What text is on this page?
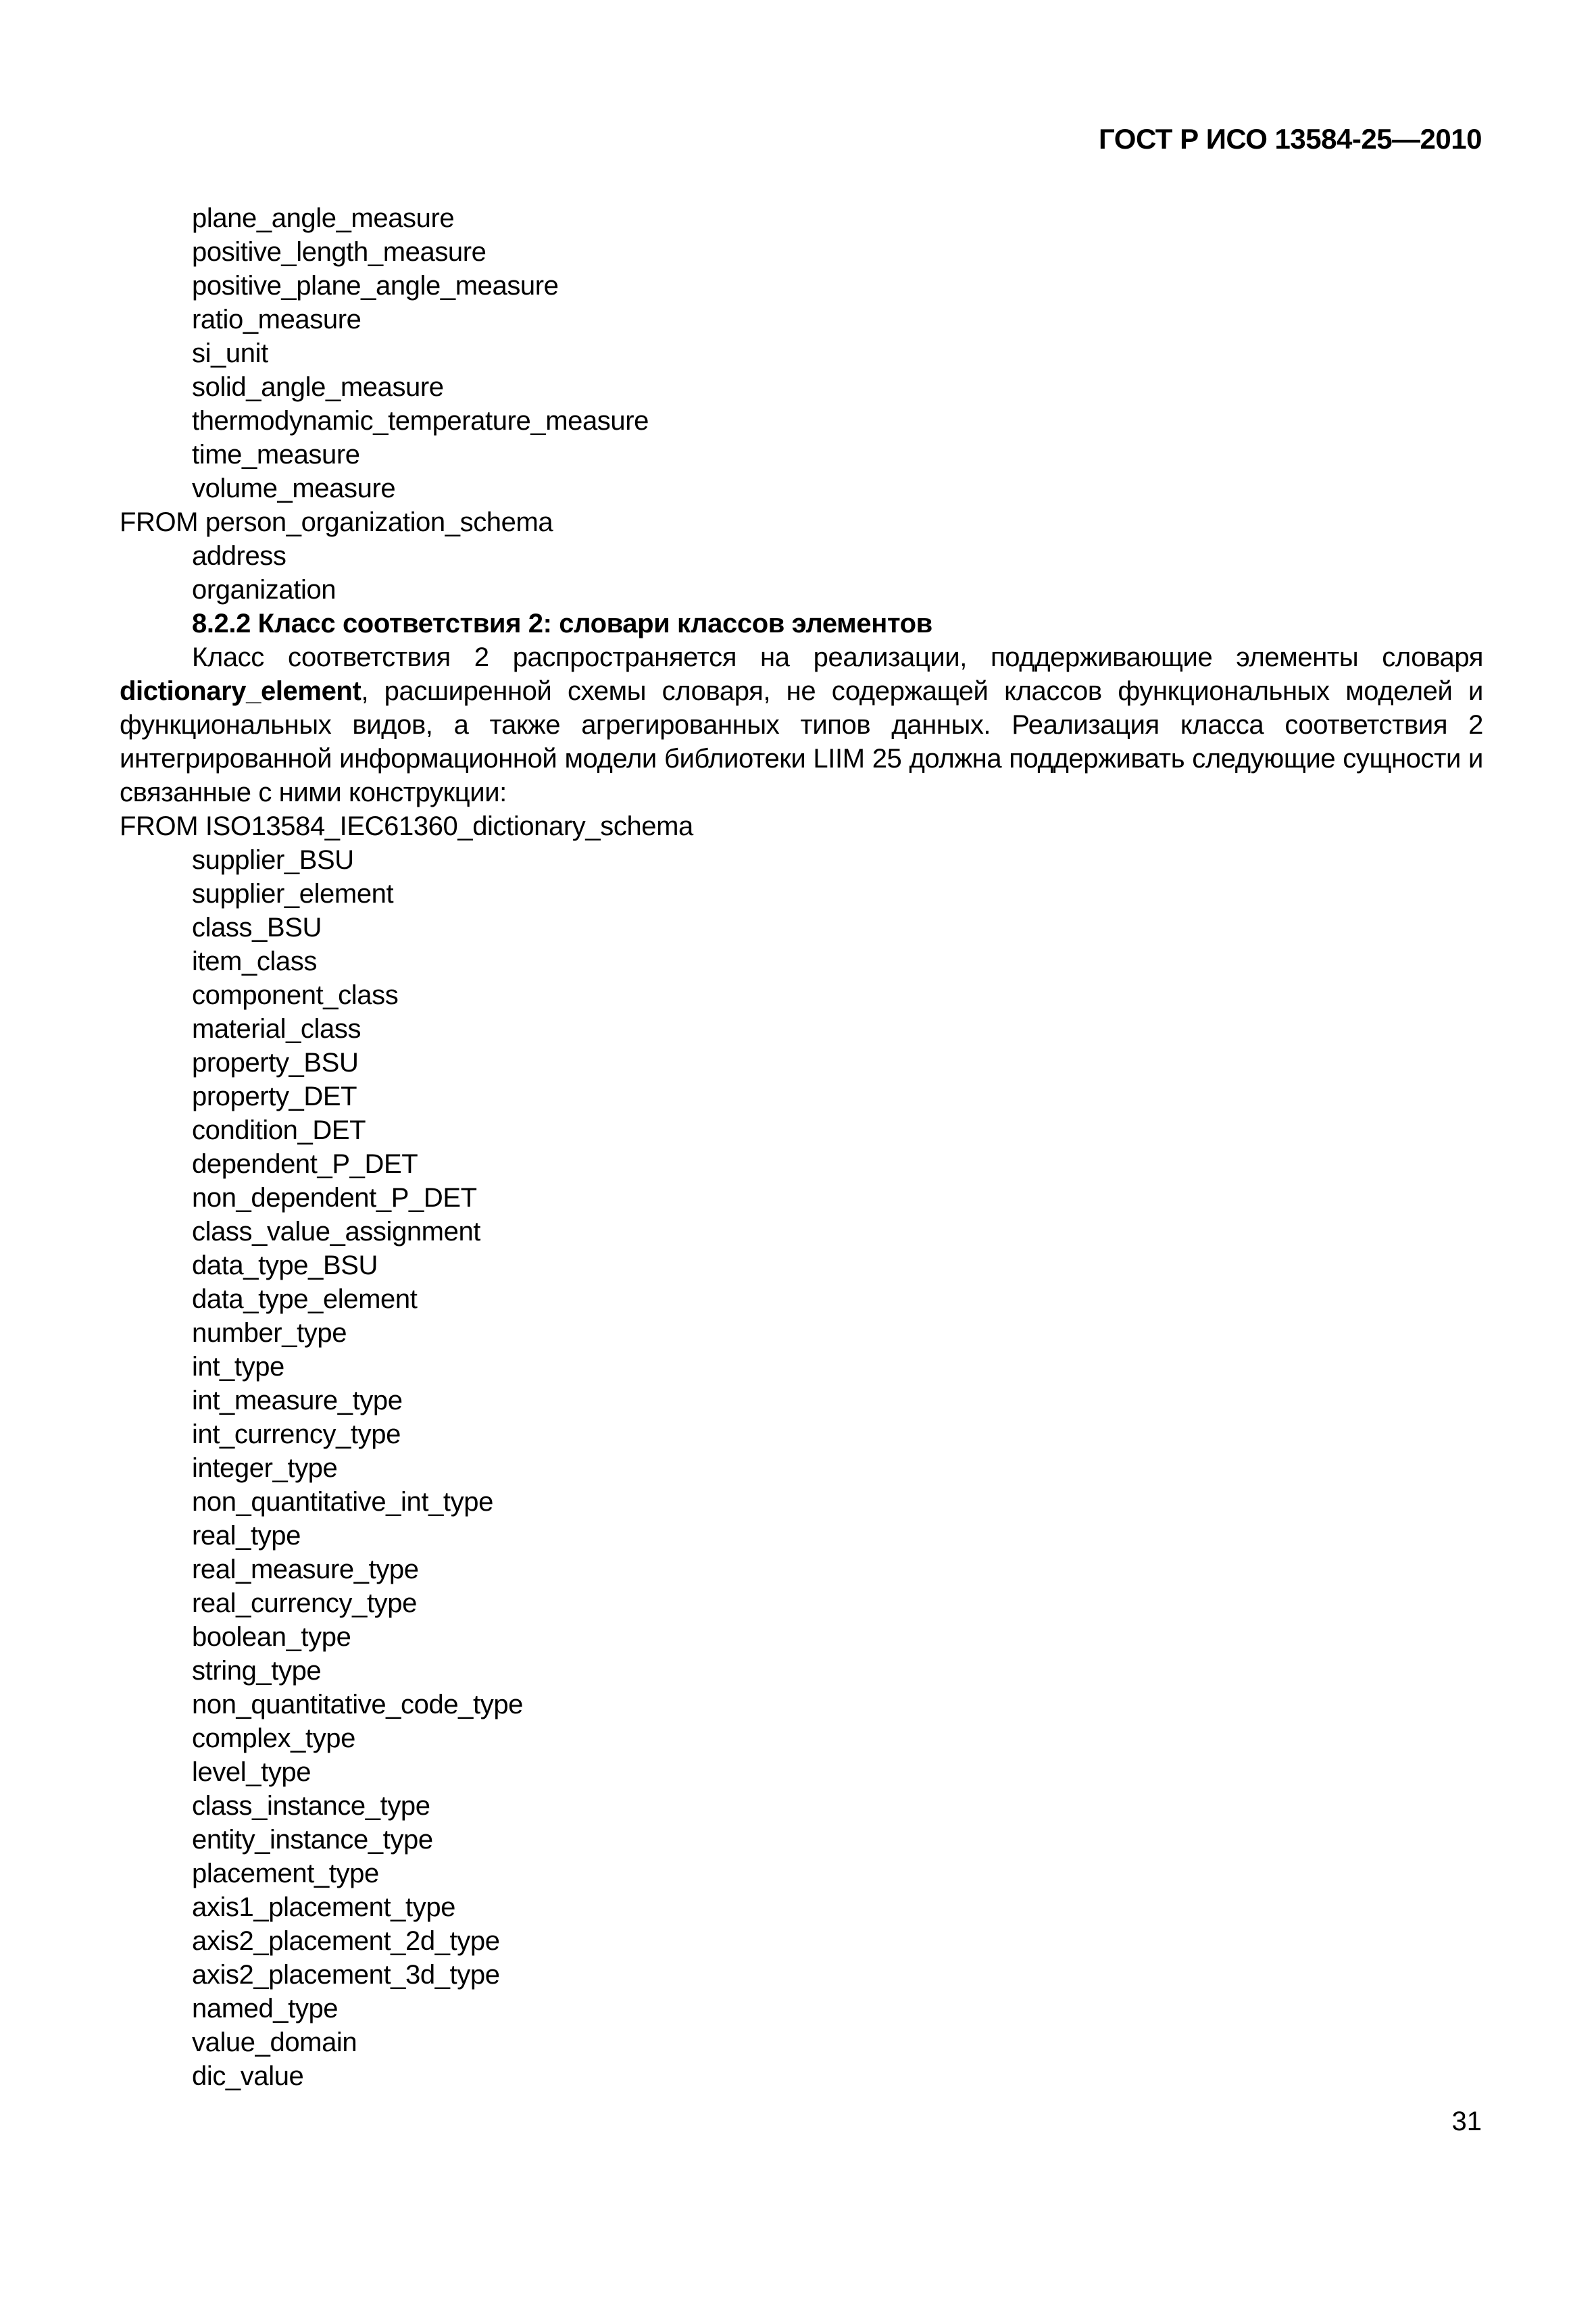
ГОСТ Р ИСО 13584-25—2010
plane_angle_measure
positive_length_measure
positive_plane_angle_measure
ratio_measure
si_unit
solid_angle_measure
thermodynamic_temperature_measure
time_measure
volume_measure
FROM person_organization_schema
address
organization
8.2.2 Класс соответствия 2: словари классов элементов
Класс соответствия 2 распространяется на реализации, поддерживающие элементы словаря dictionary_element, расширенной схемы словаря, не содержащей классов функциональных моделей и функциональных видов, а также агрегированных типов данных. Реализация класса соответствия 2 интегрированной информационной модели библиотеки LIIM 25 должна поддерживать следующие сущности и связанные с ними конструкции:
FROM ISO13584_IEC61360_dictionary_schema
supplier_BSU
supplier_element
class_BSU
item_class
component_class
material_class
property_BSU
property_DET
condition_DET
dependent_P_DET
non_dependent_P_DET
class_value_assignment
data_type_BSU
data_type_element
number_type
int_type
int_measure_type
int_currency_type
integer_type
non_quantitative_int_type
real_type
real_measure_type
real_currency_type
boolean_type
string_type
non_quantitative_code_type
complex_type
level_type
class_instance_type
entity_instance_type
placement_type
axis1_placement_type
axis2_placement_2d_type
axis2_placement_3d_type
named_type
value_domain
dic_value
31
